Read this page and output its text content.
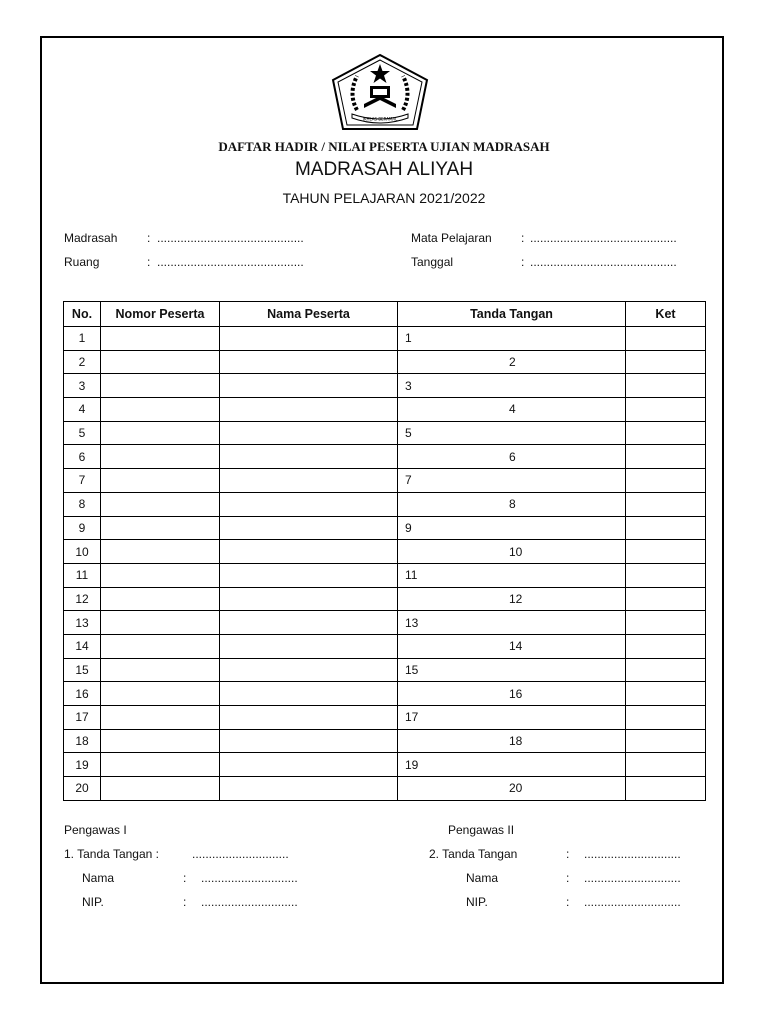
IKHLAS BERAMAL
DAFTAR HADIR / NILAI PESERTA UJIAN MADRASAH
MADRASAH ALIYAH
TAHUN PELAJARAN 2021/2022
Madrasah : ............................................
Ruang	: ............................................
Mata Pelajaran : ............................................
Tanggal	: ............................................
No.	Nomor Peserta	Nama Peserta	Tanda Tangan	Ket
1			1	
2			2	
3			3	
4			4	
5			5	
6			6	
7			7	
8			8	
9			9	
10			10	
11			11	
12			12	
13			13	
14			14	
15			15	
16			16	
17			17	
18			18	
19			19	
20			20	
Pengawas I	Pengawas II
1. Tanda Tangan :	.............................
Nama	: .............................
NIP.	: .............................
2. Tanda Tangan	: .............................
Nama	: .............................
NIP.	: .............................
